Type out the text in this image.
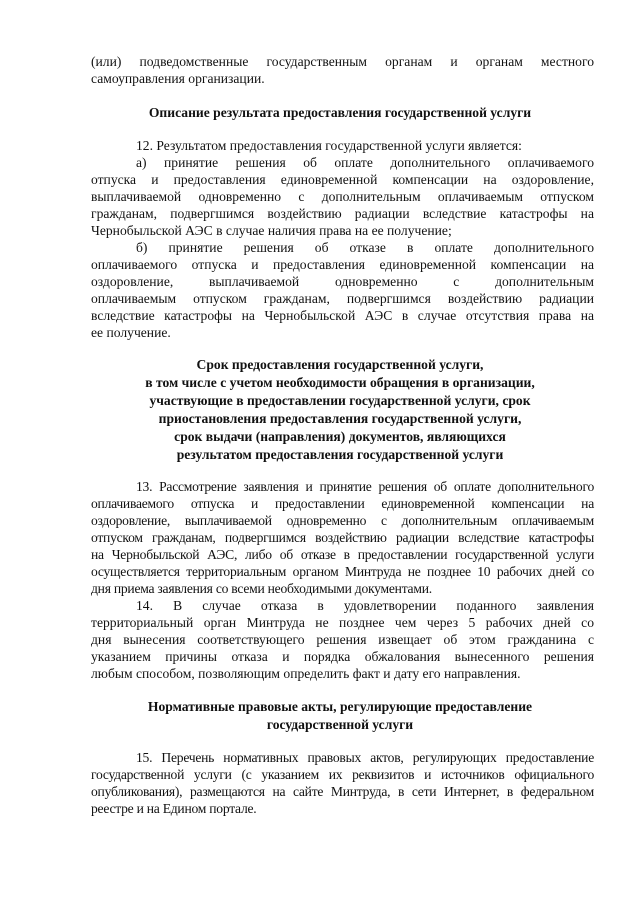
(или) подведомственные государственным органам и органам местного
самоуправления организации.
Описание результата предоставления государственной услуги
12. Результатом предоставления государственной услуги является:
а) принятие решения об оплате дополнительного оплачиваемого
отпуска и предоставления единовременной компенсации на оздоровление,
выплачиваемой одновременно с дополнительным оплачиваемым отпуском
гражданам, подвергшимся воздействию радиации вследствие катастрофы на
Чернобыльской АЭС в случае наличия права на ее получение;
б) принятие решения об отказе в оплате дополнительного
оплачиваемого отпуска и предоставления единовременной компенсации на
оздоровление, выплачиваемой одновременно с дополнительным
оплачиваемым отпуском гражданам, подвергшимся воздействию радиации
вследствие катастрофы на Чернобыльской АЭС в случае отсутствия права на
ее получение.
Срок предоставления государственной услуги,
в том числе с учетом необходимости обращения в организации,
участвующие в предоставлении государственной услуги, срок
приостановления предоставления государственной услуги,
срок выдачи (направления) документов, являющихся
результатом предоставления государственной услуги
13. Рассмотрение заявления и принятие решения об оплате дополнительного
оплачиваемого отпуска и предоставлении единовременной компенсации на
оздоровление, выплачиваемой одновременно с дополнительным оплачиваемым
отпуском гражданам, подвергшимся воздействию радиации вследствие катастрофы
на Чернобыльской АЭС, либо об отказе в предоставлении государственной услуги
осуществляется территориальным органом Минтруда не позднее 10 рабочих дней со
дня приема заявления со всеми необходимыми документами.
14. В случае отказа в удовлетворении поданного заявления
территориальный орган Минтруда не позднее чем через 5 рабочих дней со
дня вынесения соответствующего решения извещает об этом гражданина с
указанием причины отказа и порядка обжалования вынесенного решения
любым способом, позволяющим определить факт и дату его направления.
Нормативные правовые акты, регулирующие предоставление
государственной услуги
15. Перечень нормативных правовых актов, регулирующих предоставление
государственной услуги (с указанием их реквизитов и источников официального
опубликования), размещаются на сайте Минтруда, в сети Интернет, в федеральном
реестре и на Едином портале.
